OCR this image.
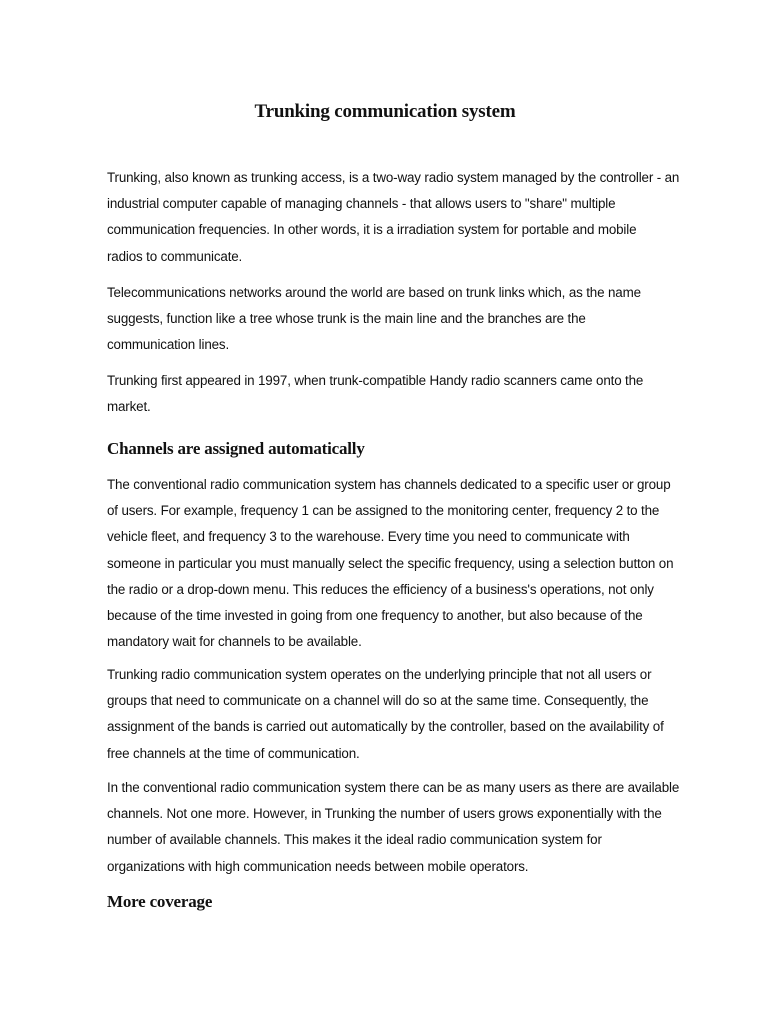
Trunking communication system

Trunking, also known as trunking access, is a two-way radio system managed by the controller - an
industrial computer capable of managing channels - that allows users to "share" multiple
communication frequencies. In other words, it is a irradiation system for portable and mobile
radios to communicate.

Telecommunications networks around the world are based on trunk links which, as the name
suggests, function like a tree whose trunk is the main line and the branches are the
communication lines.

Trunking first appeared in 1997, when trunk-compatible Handy radio scanners came onto the
market.

Channels are assigned automatically

The conventional radio communication system has channels dedicated to a specific user or group
of users. For example, frequency 1 can be assigned to the monitoring center, frequency 2 to the
vehicle fleet, and frequency 3 to the warehouse. Every time you need to communicate with
someone in particular you must manually select the specific frequency, using a selection button on
the radio or a drop-down menu. This reduces the efficiency of a business's operations, not only
because of the time invested in going from one frequency to another, but also because of the
mandatory wait for channels to be available.

Trunking radio communication system operates on the underlying principle that not all users or
groups that need to communicate on a channel will do so at the same time. Consequently, the
assignment of the bands is carried out automatically by the controller, based on the availability of
free channels at the time of communication.

In the conventional radio communication system there can be as many users as there are available
channels. Not one more. However, in Trunking the number of users grows exponentially with the
number of available channels. This makes it the ideal radio communication system for
organizations with high communication needs between mobile operators.

More coverage
